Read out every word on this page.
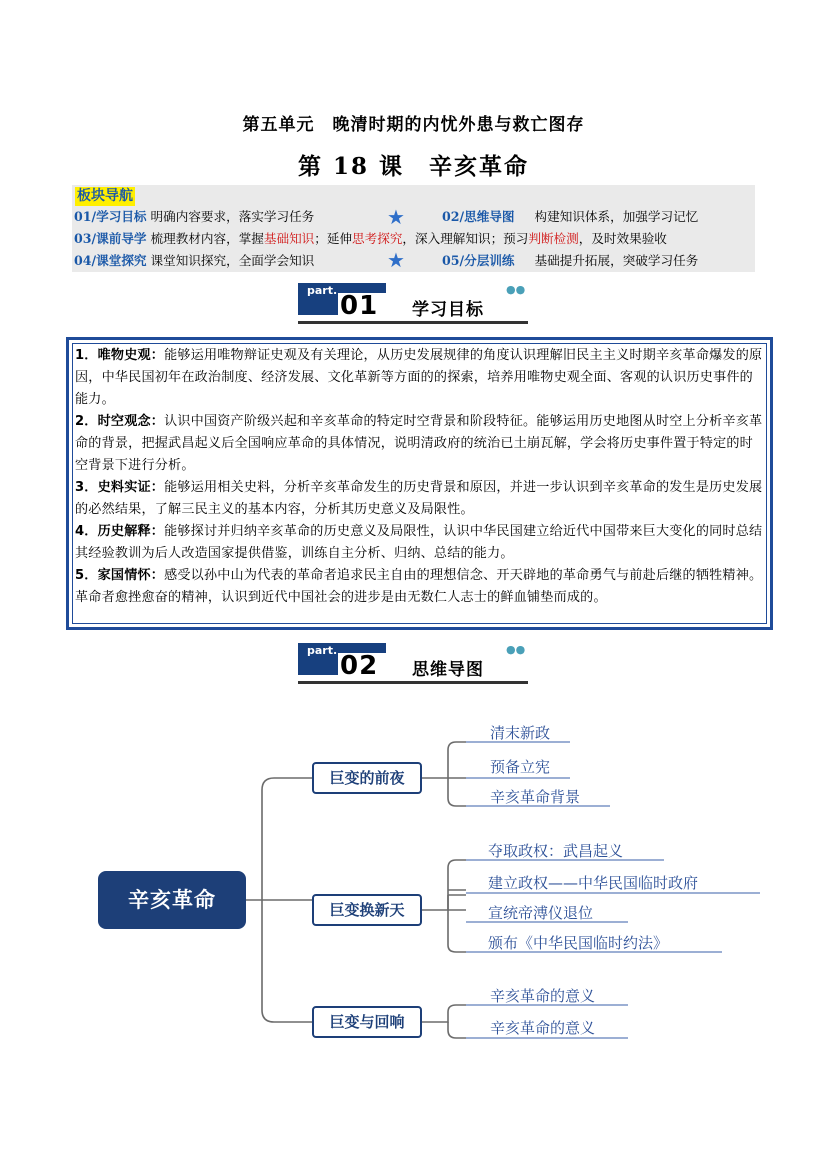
第五单元　晚清时期的内忧外患与救亡图存
第 18 课　辛亥革命
板块导航
01/学习目标 明确内容要求，落实学习任务	★	02/思维导图 构建知识体系，加强学习记忆
03/课前导学 梳理教材内容，掌握基础知识；延伸思考探究，深入理解知识；预习判断检测，及时效果验收
04/课堂探究 课堂知识探究，全面学会知识	★	05/分层训练 基础提升拓展，突破学习任务
part.
01 学习目标
●●

1．唯物史观：能够运用唯物辩证史观及有关理论，从历史发展规律的角度认识理解旧民主主义时期辛亥革命爆发的原因，中华民国初年在政治制度、经济发展、文化革新等方面的的探索，培养用唯物史观全面、客观的认识历史事件的能力。

2．时空观念：认识中国资产阶级兴起和辛亥革命的特定时空背景和阶段特征。能够运用历史地图从时空上分析辛亥革命的背景，把握武昌起义后全国响应革命的具体情况，说明清政府的统治已土崩瓦解，学会将历史事件置于特定的时空背景下进行分析。

3．史料实证：能够运用相关史料，分析辛亥革命发生的历史背景和原因，并进一步认识到辛亥革命的发生是历史发展的必然结果，了解三民主义的基本内容，分析其历史意义及局限性。

4．历史解释：能够探讨并归纳辛亥革命的历史意义及局限性，认识中华民国建立给近代中国带来巨大变化的同时总结其经验教训为后人改造国家提供借鉴，训练自主分析、归纳、总结的能力。

5．家国情怀：感受以孙中山为代表的革命者追求民主自由的理想信念、开天辟地的革命勇气与前赴后继的牺牲精神。革命者愈挫愈奋的精神，认识到近代中国社会的进步是由无数仁人志士的鲜血铺垫而成的。

part.
02 思维导图
●●
辛亥革命
巨变的前夜
巨变换新天
巨变与回响
清末新政
预备立宪
辛亥革命背景
夺取政权：武昌起义
建立政权——中华民国临时政府
宣统帝溥仪退位
颁布《中华民国临时约法》
辛亥革命的意义
辛亥革命的意义
